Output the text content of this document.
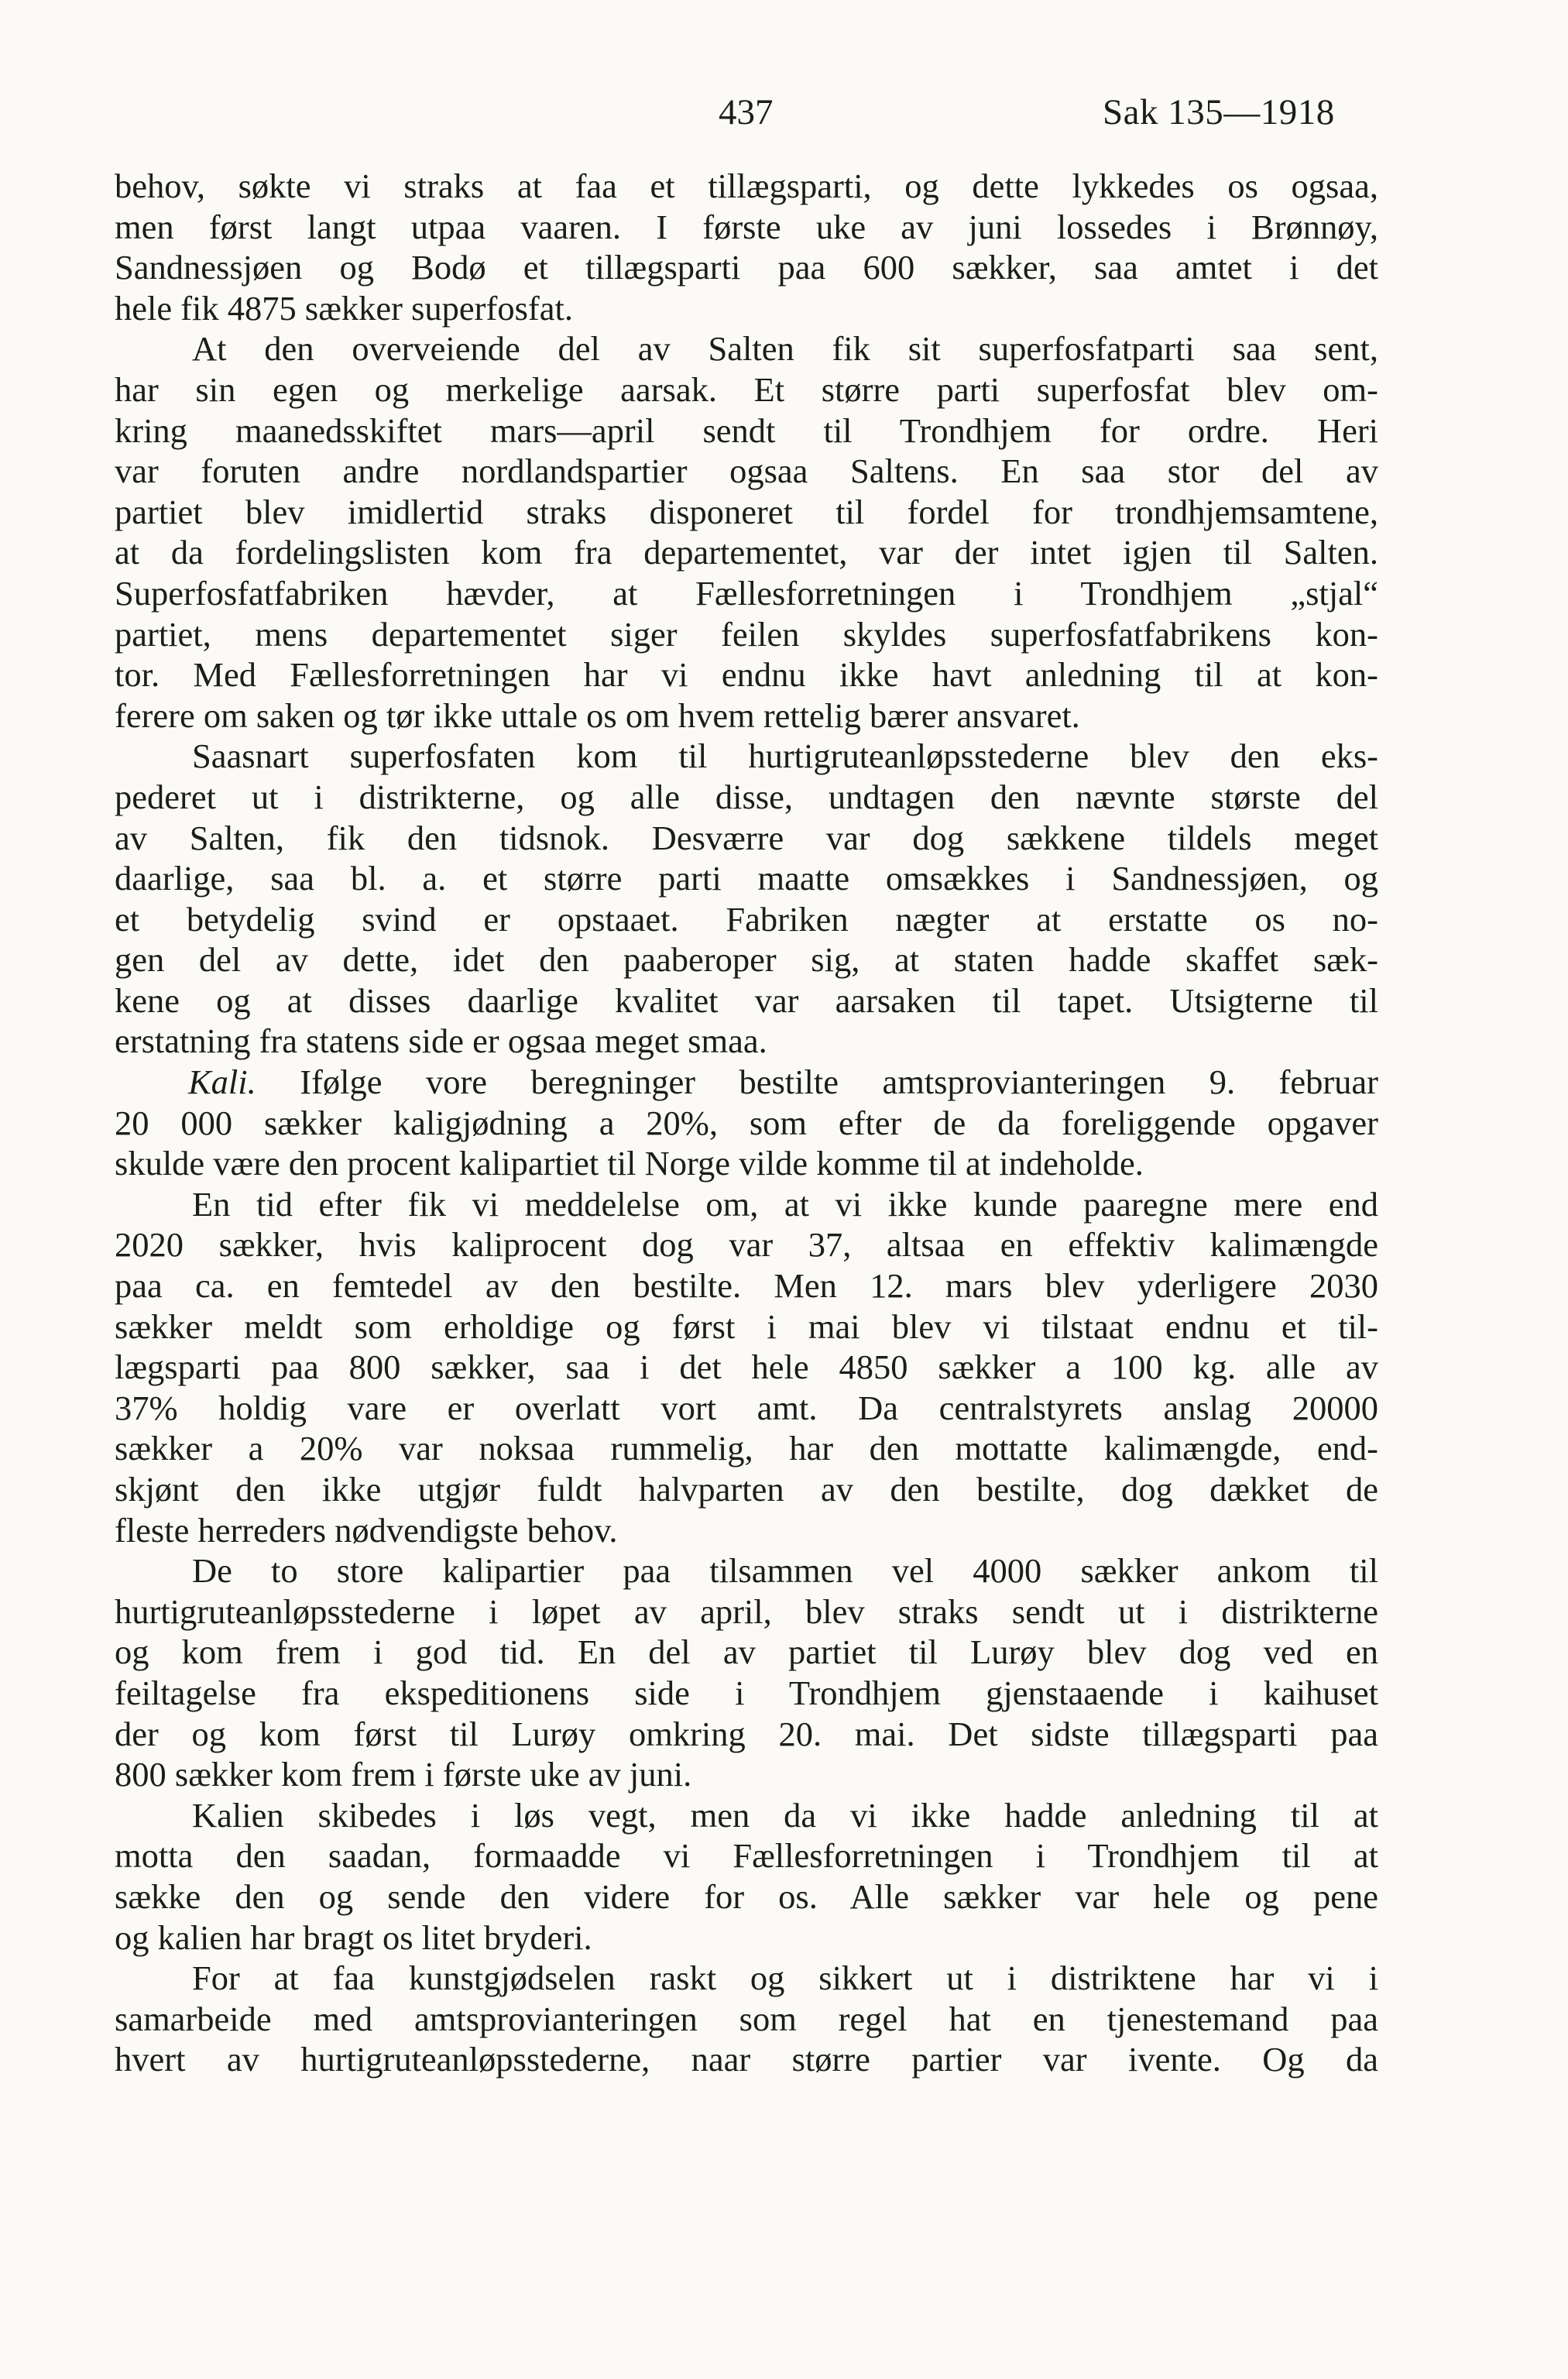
437	Sak 135—1918
behov, søkte vi straks at faa et tillægsparti, og dette lykkedes os ogsaa,
men først langt utpaa vaaren. I første uke av juni lossedes i Brønnøy,
Sandnessjøen og Bodø et tillægsparti paa 600 sækker, saa amtet i det
hele fik 4875 sækker superfosfat.
At den overveiende del av Salten fik sit superfosfatparti saa sent,
har sin egen og merkelige aarsak. Et større parti superfosfat blev om-
kring maanedsskiftet mars—april sendt til Trondhjem for ordre. Heri
var foruten andre nordlandspartier ogsaa Saltens. En saa stor del av
partiet blev imidlertid straks disponeret til fordel for trondhjemsamtene,
at da fordelingslisten kom fra departementet, var der intet igjen til Salten.
Superfosfatfabriken hævder, at Fællesforretningen i Trondhjem „stjal“
partiet, mens departementet siger feilen skyldes superfosfatfabrikens kon-
tor. Med Fællesforretningen har vi endnu ikke havt anledning til at kon-
ferere om saken og tør ikke uttale os om hvem rettelig bærer ansvaret.
Saasnart superfosfaten kom til hurtigruteanløpsstederne blev den eks-
pederet ut i distrikterne, og alle disse, undtagen den nævnte største del
av Salten, fik den tidsnok. Desværre var dog sækkene tildels meget
daarlige, saa bl. a. et større parti maatte omsækkes i Sandnessjøen, og
et betydelig svind er opstaaet. Fabriken nægter at erstatte os no-
gen del av dette, idet den paaberoper sig, at staten hadde skaffet sæk-
kene og at disses daarlige kvalitet var aarsaken til tapet. Utsigterne til
erstatning fra statens side er ogsaa meget smaa.
Kali. Ifølge vore beregninger bestilte amtsprovianteringen 9. februar
20 000 sækker kaligjødning a 20%, som efter de da foreliggende opgaver
skulde være den procent kalipartiet til Norge vilde komme til at indeholde.
En tid efter fik vi meddelelse om, at vi ikke kunde paaregne mere end
2020 sækker, hvis kaliprocent dog var 37, altsaa en effektiv kalimængde
paa ca. en femtedel av den bestilte. Men 12. mars blev yderligere 2030
sækker meldt som erholdige og først i mai blev vi tilstaat endnu et til-
lægsparti paa 800 sækker, saa i det hele 4850 sækker a 100 kg. alle av
37% holdig vare er overlatt vort amt. Da centralstyrets anslag 20000
sækker a 20% var noksaa rummelig, har den mottatte kalimængde, end-
skjønt den ikke utgjør fuldt halvparten av den bestilte, dog dækket de
fleste herreders nødvendigste behov.
De to store kalipartier paa tilsammen vel 4000 sækker ankom til
hurtigruteanløpsstederne i løpet av april, blev straks sendt ut i distrikterne
og kom frem i god tid. En del av partiet til Lurøy blev dog ved en
feiltagelse fra ekspeditionens side i Trondhjem gjenstaaende i kaihuset
der og kom først til Lurøy omkring 20. mai. Det sidste tillægsparti paa
800 sækker kom frem i første uke av juni.
Kalien skibedes i løs vegt, men da vi ikke hadde anledning til at
motta den saadan, formaadde vi Fællesforretningen i Trondhjem til at
sække den og sende den videre for os. Alle sækker var hele og pene
og kalien har bragt os litet bryderi.
For at faa kunstgjødselen raskt og sikkert ut i distriktene har vi i
samarbeide med amtsprovianteringen som regel hat en tjenestemand paa
hvert av hurtigruteanløpsstederne, naar større partier var ivente. Og da
